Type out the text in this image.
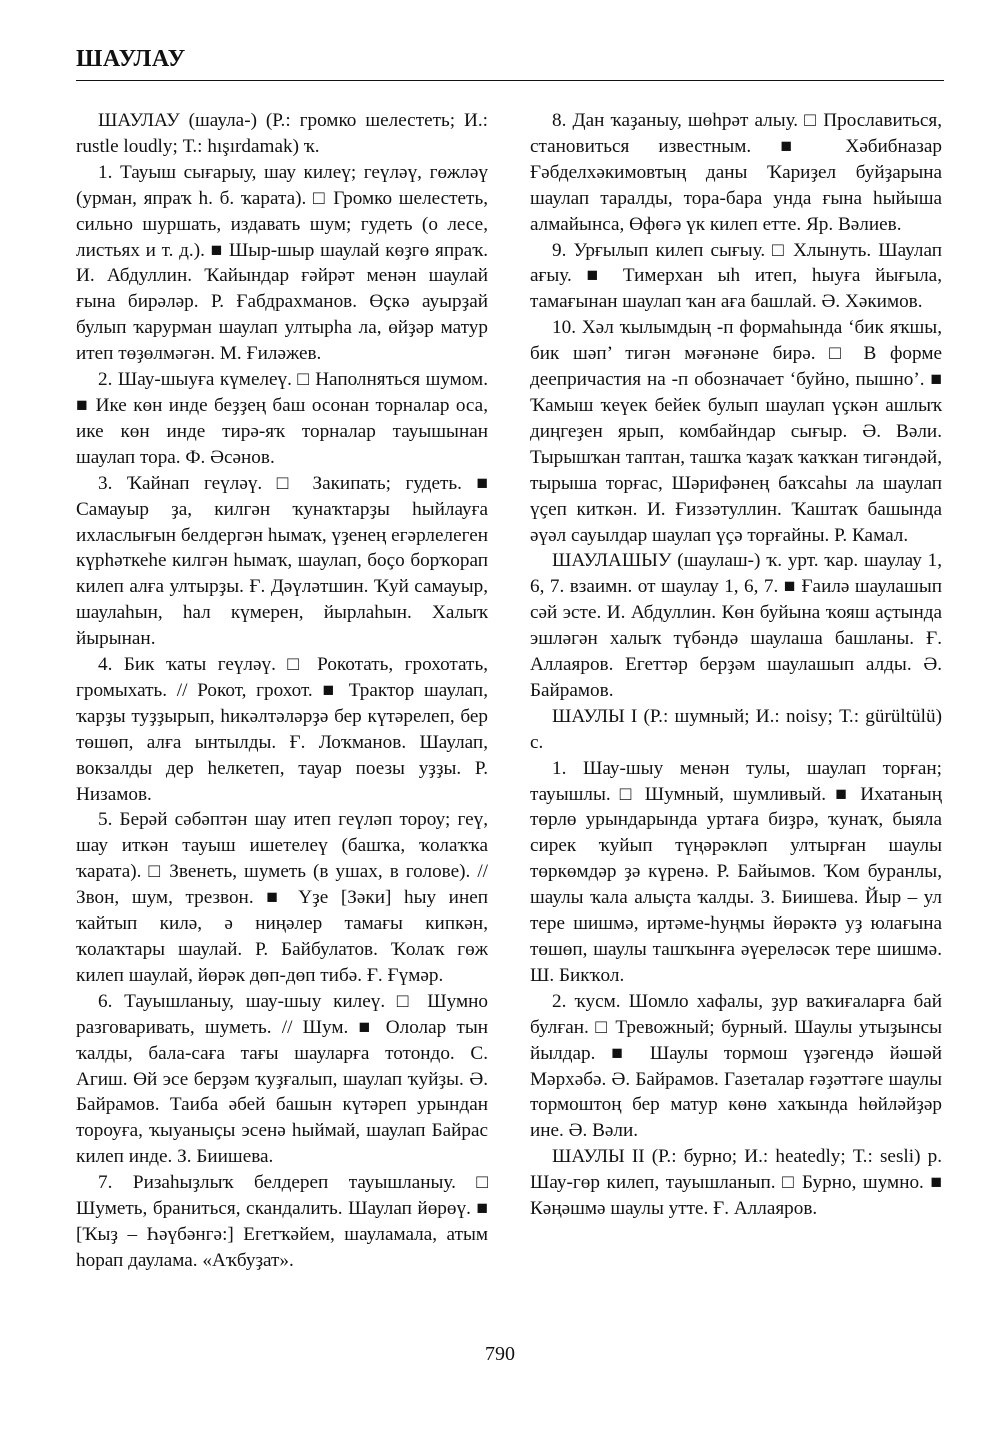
ШАУЛАУ

ШАУЛАУ (шаула-) (Р.: громко шелестеть; И.: rustle loudly; Т.: hışırdamak) ҡ.

1. Тауыш сығарыу, шау килеү; геүләү, гөжләү (урман, япраҡ һ. б. ҡарата). □ Громко шелестеть, сильно шуршать, издавать шум; гудеть (о лесе, листьях и т. д.). ■ Шыр-шыр шаулай көҙгө япраҡ. И. Абдуллин. Ҡайындар ғәйрәт менән шаулай ғына бирәләр. Р. Ғабдрахманов. Өҫкә ауырҙай булып ҡарурман шаулап ултырһа ла, өйҙәр матур итеп төҙөлмәгән. М. Ғиләжев.

2. Шау-шыуға күмелеү. □ Наполняться шумом. ■ Ике көн инде беҙҙең баш осонан торналар оса, ике көн инде тирә-яҡ торналар тауышынан шаулап тора. Ф. Әсәнов.

3. Ҡайнап геүләү. □ Закипать; гудеть. ■ Самауыр ҙа, килгән ҡунаҡтарҙы һыйлауға ихласлығын белдергән һымаҡ, үҙенең егәрлелеген күрһәткеһе килгән һымаҡ, шаулап, боҫо борҡорап килеп алға ултырҙы. Ғ. Дәүләтшин. Ҡуй самауыр, шаулаһын, һал күмерен, йырлаһын. Халыҡ йырынан.

4. Бик ҡаты геүләү. □ Рокотать, грохотать, громыхать. // Рокот, грохот. ■ Трактор шаулап, ҡарҙы туҙҙырып, һикәлтәләрҙә бер күтәрелеп, бер төшөп, алға ынтылды. Ғ. Лоҡманов. Шаулап, вокзалды дер һелкетеп, тауар поезы уҙҙы. Р. Низамов.

5. Берәй сәбәптән шау итеп геүләп тороу; геү, шау иткән тауыш ишетелеү (башҡа, ҡолаҡҡа ҡарата). □ Звенеть, шуметь (в ушах, в голове). // Звон, шум, трезвон. ■ Үҙе [Зәки] һыу инеп ҡайтып килә, ә ниңәлер тамағы кипкән, ҡолаҡтары шаулай. Р. Байбулатов. Ҡолаҡ гөж килеп шаулай, йөрәк дөп-дөп тибә. Ғ. Ғүмәр.

6. Тауышланыу, шау-шыу килеү. □ Шумно разговаривать, шуметь. // Шум. ■ Ололар тын ҡалды, бала-саға тағы шауларға тотондо. С. Агиш. Өй эсе берҙәм ҡуҙғалып, шаулап ҡуйҙы. Ә. Байрамов. Таиба әбей башын күтәреп урындан тороуға, ҡыуаныҫы эсенә һыймай, шаулап Байрас килеп инде. З. Биишева.

7. Ризаһыҙлыҡ белдереп тауышланыу. □ Шуметь, браниться, скандалить. Шаулап йөрөү. ■ [Ҡыҙ – Һәүбәнгә:] Егетҡәйем, шауламала, атым һорап даулама. «Аҡбуҙат».

8. Дан ҡаҙаныу, шөһрәт алыу. □ Прославиться, становиться известным. ■ Хәбибназар Ғәбделхәкимовтың даны Ҡариҙел буйҙарына шаулап таралды, тора-бара унда ғына һыйыша алмайынса, Өфөгә үк килеп етте. Яр. Вәлиев.

9. Урғылып килеп сығыу. □ Хлынуть. Шаулап ағыу. ■ Тимерхан ыһ итеп, һыуға йығыла, тамағынан шаулап ҡан аға башлай. Ә. Хәкимов.

10. Хәл ҡылымдың -п формаһында ‘бик яҡшы, бик шәп’ тигән мәғәнәне бирә. □ В форме деепричастия на -п обозначает ‘буйно, пышно’. ■ Ҡамыш ҡеүек бейек булып шаулап үҫкән ашлыҡ диңгеҙен ярып, комбайндар сығыр. Ә. Вәли. Тырышҡан таптан, ташҡа ҡаҙаҡ ҡаҡҡан тигәндәй, тырыша торғас, Шәрифәнең баҡсаһы ла шаулап үҫеп киткән. И. Ғиззәтуллин. Ҡаштаҡ башында әүәл сауылдар шаулап үҫә торғайны. Р. Камал.

ШАУЛАШЫУ (шаулаш-) ҡ. урт. ҡар. шаулау 1, 6, 7. взаимн. от шаулау 1, 6, 7. ■ Ғаилә шаулашып сәй эсте. И. Абдуллин. Көн буйына ҡояш аҫтында эшләгән халыҡ түбәндә шаулаша башланы. Ғ. Аллаяров. Егеттәр берҙәм шаулашып алды. Ә. Байрамов.

ШАУЛЫ I (Р.: шумный; И.: noisy; Т.: gürültülü) с.

1. Шау-шыу менән тулы, шаулап торған; тауышлы. □ Шумный, шумливый. ■ Ихатаның төрлө урындарында уртаға биҙрә, ҡунаҡ, быяла сирек ҡуйып түңәрәкләп ултырған шаулы төркөмдәр ҙә күренә. Р. Байымов. Ҡом буранлы, шаулы ҡала алыҫта ҡалды. З. Биишева. Йыр – ул тере шишмә, иртәме-һуңмы йөрәктә уҙ юлағына төшөп, шаулы ташҡынға әүереләсәк тере шишмә. Ш. Бикҡол.

2. ҡусм. Шомло хафалы, ҙур ваҡиғаларға бай булған. □ Тревожный; бурный. Шаулы утыҙынсы йылдар. ■ Шаулы тормош үҙәгендә йәшәй Мәрхәбә. Ә. Байрамов. Газеталар ғәҙәттәге шаулы тормоштоң бер матур көнө хаҡында һөйләйҙәр ине. Ә. Вәли.

ШАУЛЫ II (Р.: бурно; И.: heatedly; Т.: sesli) р. Шау-гөр килеп, тауышланып. □ Бурно, шумно. ■ Кәңәшмә шаулы утте. Ғ. Аллаяров.

790
